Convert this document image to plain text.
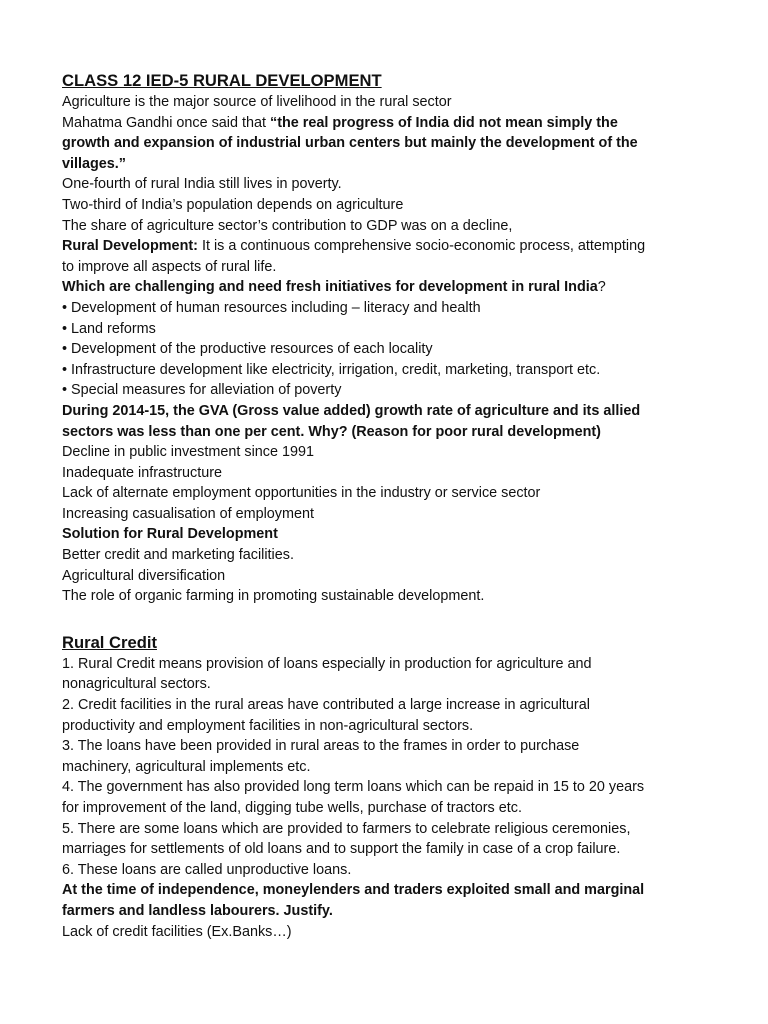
CLASS 12 IED-5 RURAL DEVELOPMENT

Agriculture is the major source of livelihood in the rural sector

Mahatma Gandhi once said that “the real progress of India did not mean simply the

growth and expansion of industrial urban centers but mainly the development of the

villages.”

One-fourth of rural India still lives in poverty.

Two-third of India’s population depends on agriculture

The share of agriculture sector’s contribution to GDP was on a decline,

Rural Development: It is a continuous comprehensive socio-economic process, attempting

to improve all aspects of rural life.

Which are challenging and need fresh initiatives for development in rural India?

• Development of human resources including – literacy and health

• Land reforms

• Development of the productive resources of each locality

• Infrastructure development like electricity, irrigation, credit, marketing, transport etc.

• Special measures for alleviation of poverty

During 2014-15, the GVA (Gross value added) growth rate of agriculture and its allied

sectors was less than one per cent. Why? (Reason for poor rural development)

Decline in public investment since 1991

Inadequate infrastructure

Lack of alternate employment opportunities in the industry or service sector

Increasing casualisation of employment

Solution for Rural Development

Better credit and marketing facilities.

Agricultural diversification

The role of organic farming in promoting sustainable development.

Rural Credit

1. Rural Credit means provision of loans especially in production for agriculture and

nonagricultural sectors.

2. Credit facilities in the rural areas have contributed a large increase in agricultural

productivity and employment facilities in non-agricultural sectors.

3. The loans have been provided in rural areas to the frames in order to purchase

machinery, agricultural implements etc.

4. The government has also provided long term loans which can be repaid in 15 to 20 years

for improvement of the land, digging tube wells, purchase of tractors etc.

5. There are some loans which are provided to farmers to celebrate religious ceremonies,

marriages for settlements of old loans and to support the family in case of a crop failure.

6. These loans are called unproductive loans.

At the time of independence, moneylenders and traders exploited small and marginal

farmers and landless labourers. Justify.

Lack of credit facilities (Ex.Banks…)
